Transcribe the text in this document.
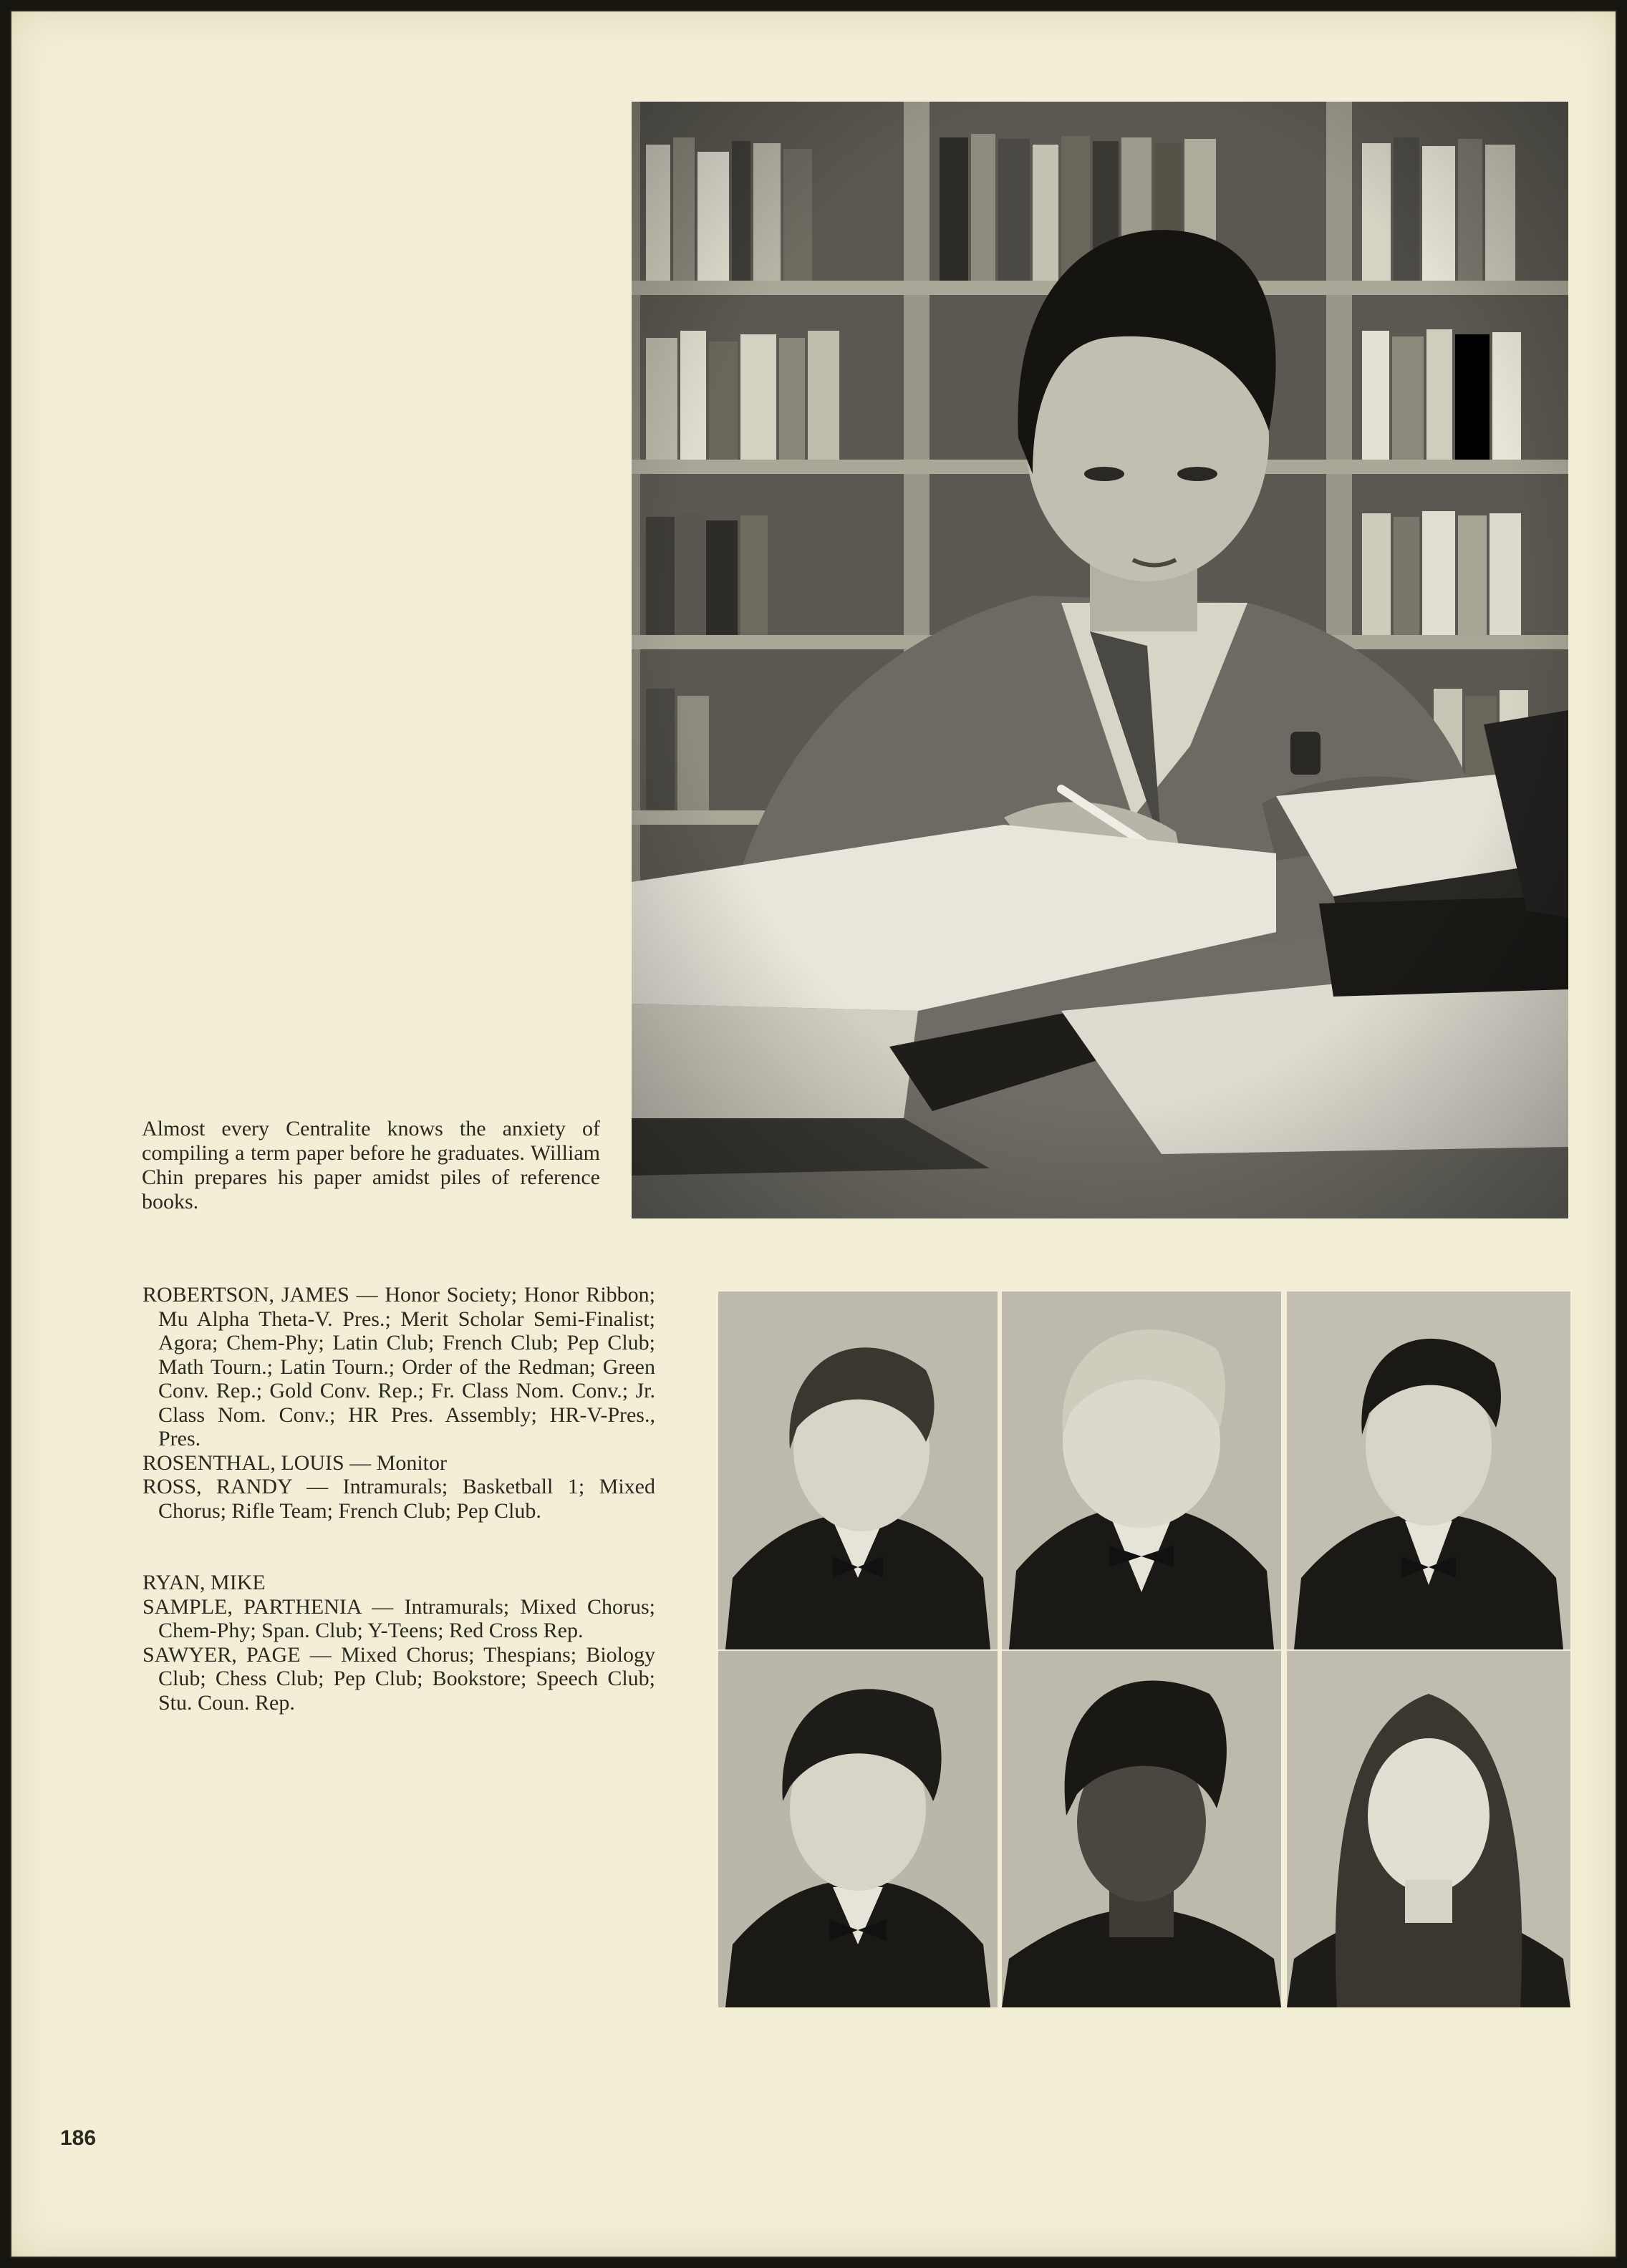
Almost every Centralite knows the anxiety of compiling a term paper before he graduates. William Chin prepares his paper amidst piles of reference books.

ROBERTSON, JAMES — Honor Society; Honor Ribbon; Mu Alpha Theta-V. Pres.; Merit Scholar Semi-Finalist; Agora; Chem-Phy; Latin Club; French Club; Pep Club; Math Tourn.; Latin Tourn.; Order of the Redman; Green Conv. Rep.; Gold Conv. Rep.; Fr. Class Nom. Conv.; Jr. Class Nom. Conv.; HR Pres. Assembly; HR-V-Pres., Pres.

ROSENTHAL, LOUIS — Monitor

ROSS, RANDY — Intramurals; Basketball 1; Mixed Chorus; Rifle Team; French Club; Pep Club.

RYAN, MIKE

SAMPLE, PARTHENIA — Intramurals; Mixed Chorus; Chem-Phy; Span. Club; Y-Teens; Red Cross Rep.

SAWYER, PAGE — Mixed Chorus; Thespians; Biology Club; Chess Club; Pep Club; Bookstore; Speech Club; Stu. Coun. Rep.

186
